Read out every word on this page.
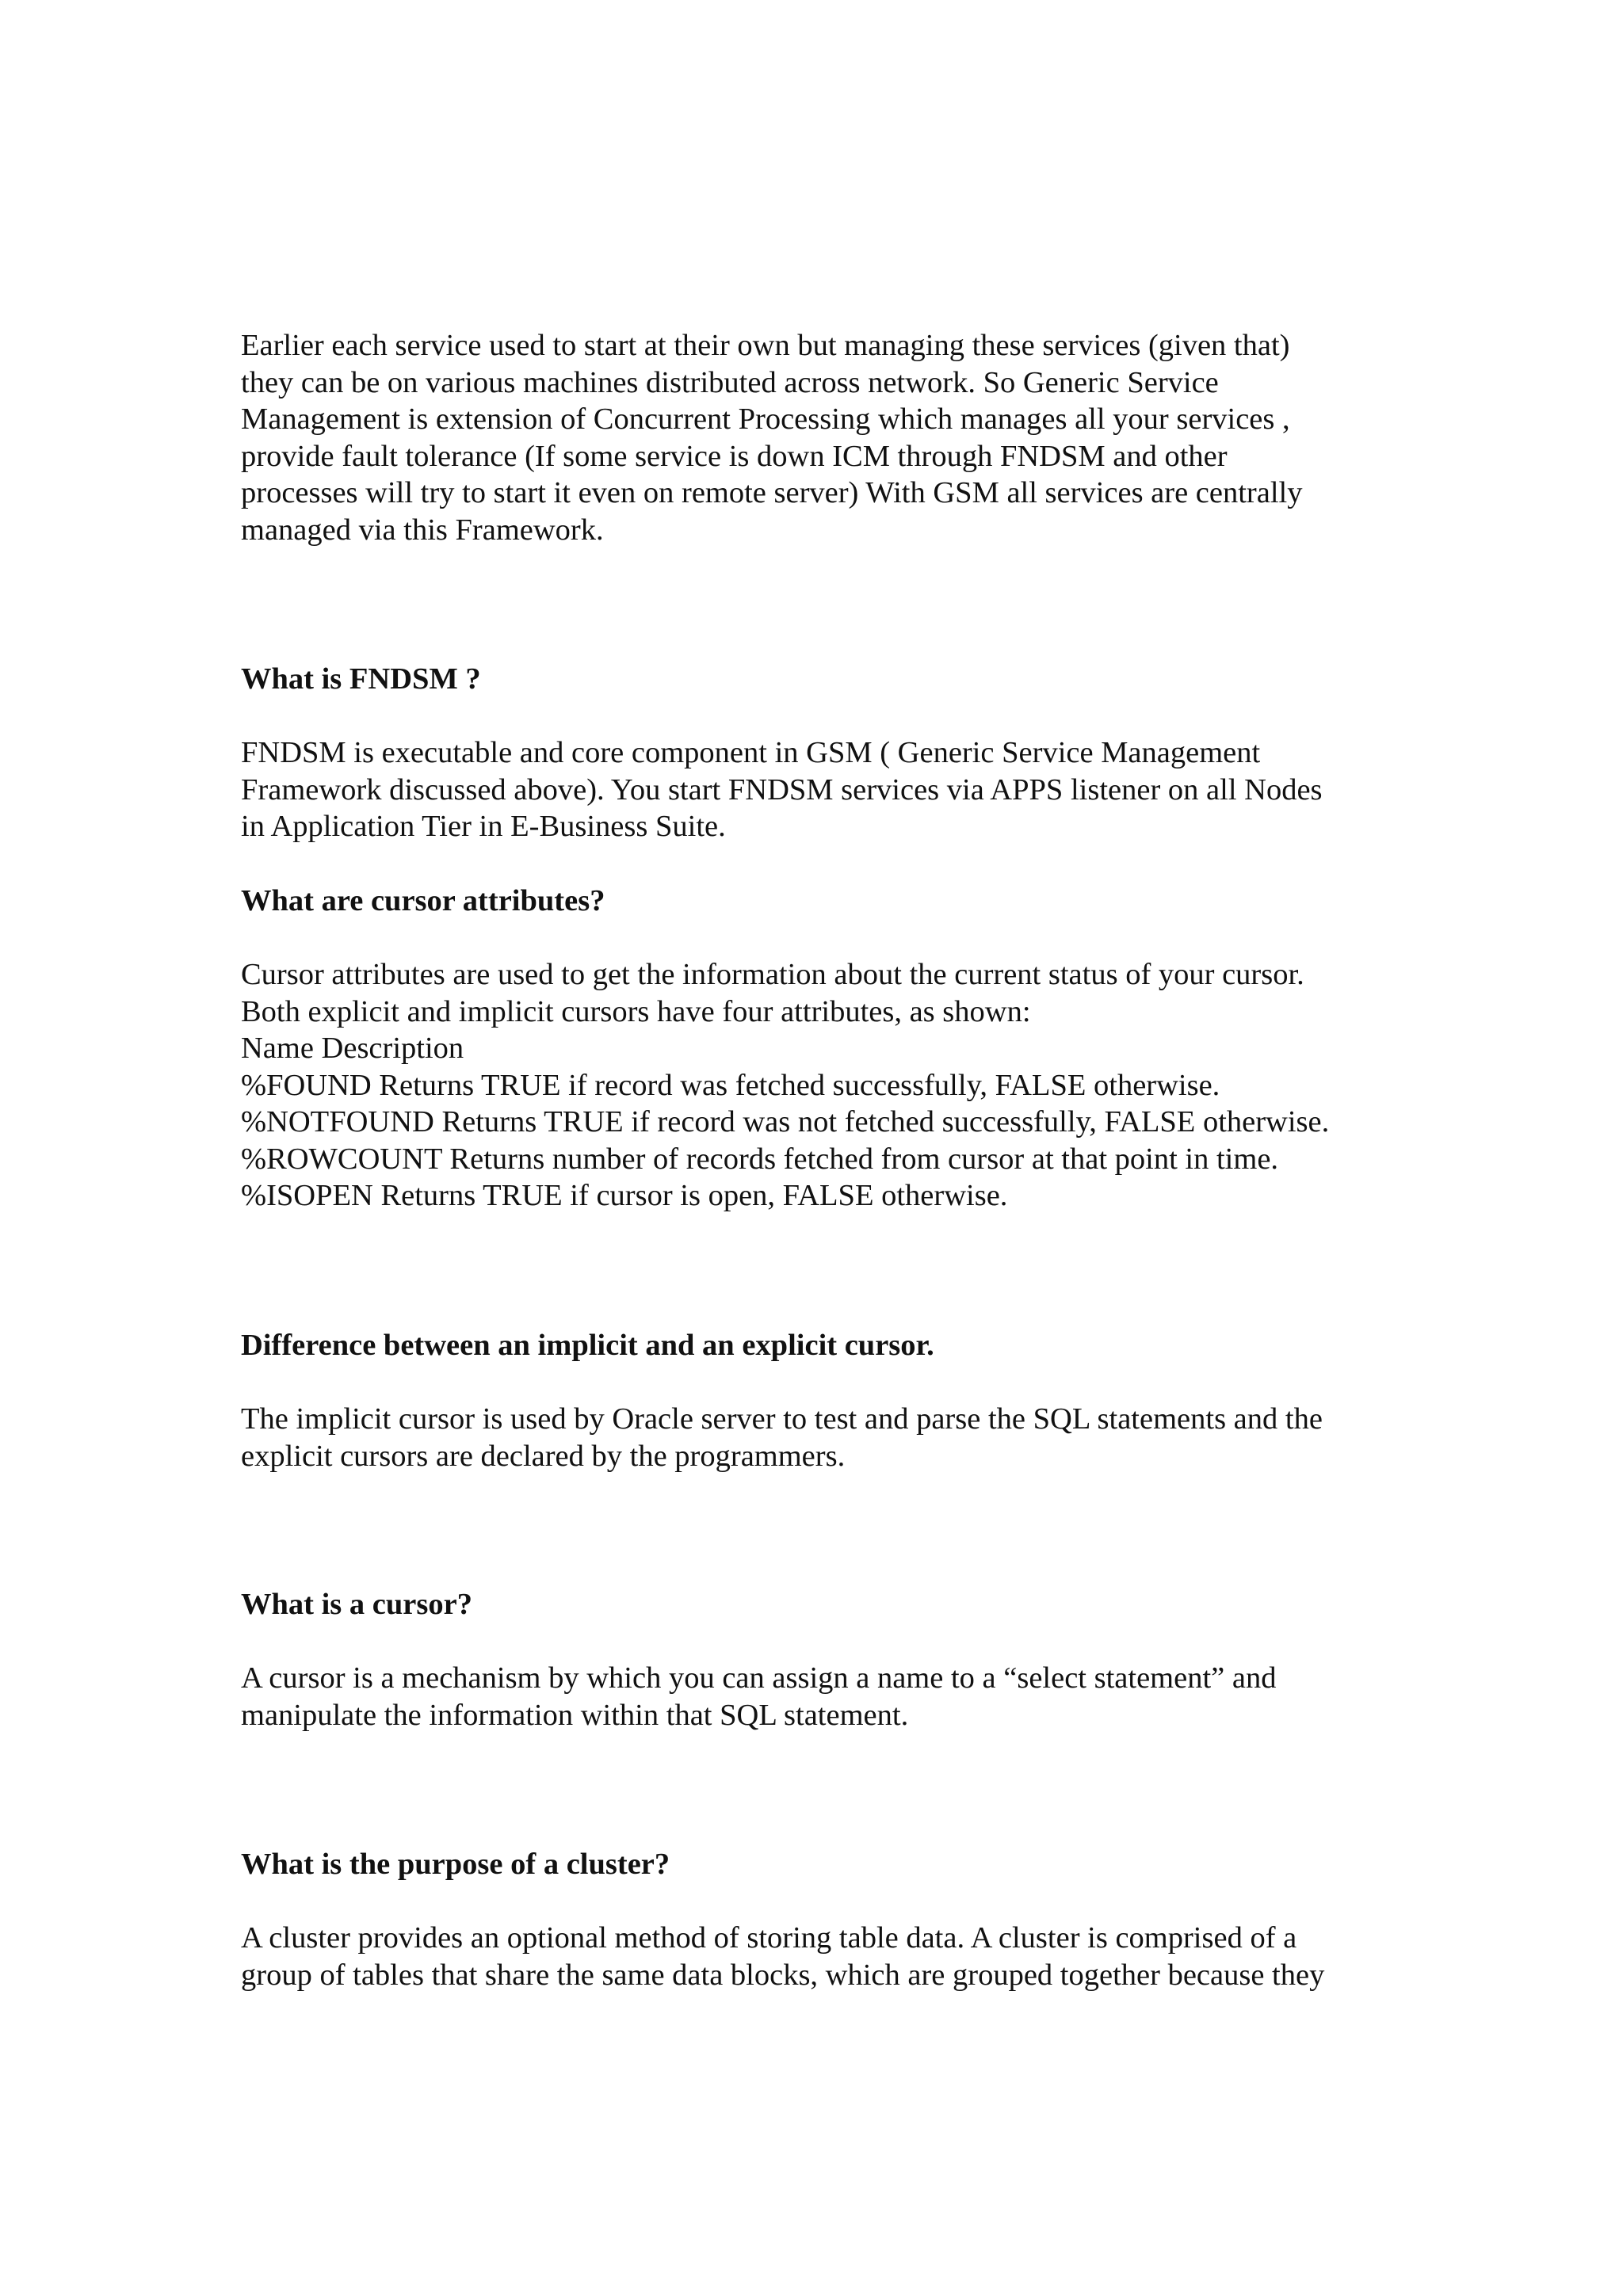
Earlier each service used to start at their own but managing these services (given that)
they can be on various machines distributed across network. So Generic Service
Management is extension of Concurrent Processing which manages all your services ,
provide fault tolerance (If some service is down ICM through FNDSM and other
processes will try to start it even on remote server) With GSM all services are centrally
managed via this Framework.

What is FNDSM ?

FNDSM is executable and core component in GSM ( Generic Service Management
Framework discussed above). You start FNDSM services via APPS listener on all Nodes
in Application Tier in E-Business Suite.

What are cursor attributes?

Cursor attributes are used to get the information about the current status of your cursor.
Both explicit and implicit cursors have four attributes, as shown:
Name Description
%FOUND Returns TRUE if record was fetched successfully, FALSE otherwise.
%NOTFOUND Returns TRUE if record was not fetched successfully, FALSE otherwise.
%ROWCOUNT Returns number of records fetched from cursor at that point in time.
%ISOPEN Returns TRUE if cursor is open, FALSE otherwise.

Difference between an implicit and an explicit cursor.

The implicit cursor is used by Oracle server to test and parse the SQL statements and the
explicit cursors are declared by the programmers.

What is a cursor?

A cursor is a mechanism by which you can assign a name to a “select statement” and
manipulate the information within that SQL statement.

What is the purpose of a cluster?

A cluster provides an optional method of storing table data. A cluster is comprised of a
group of tables that share the same data blocks, which are grouped together because they
